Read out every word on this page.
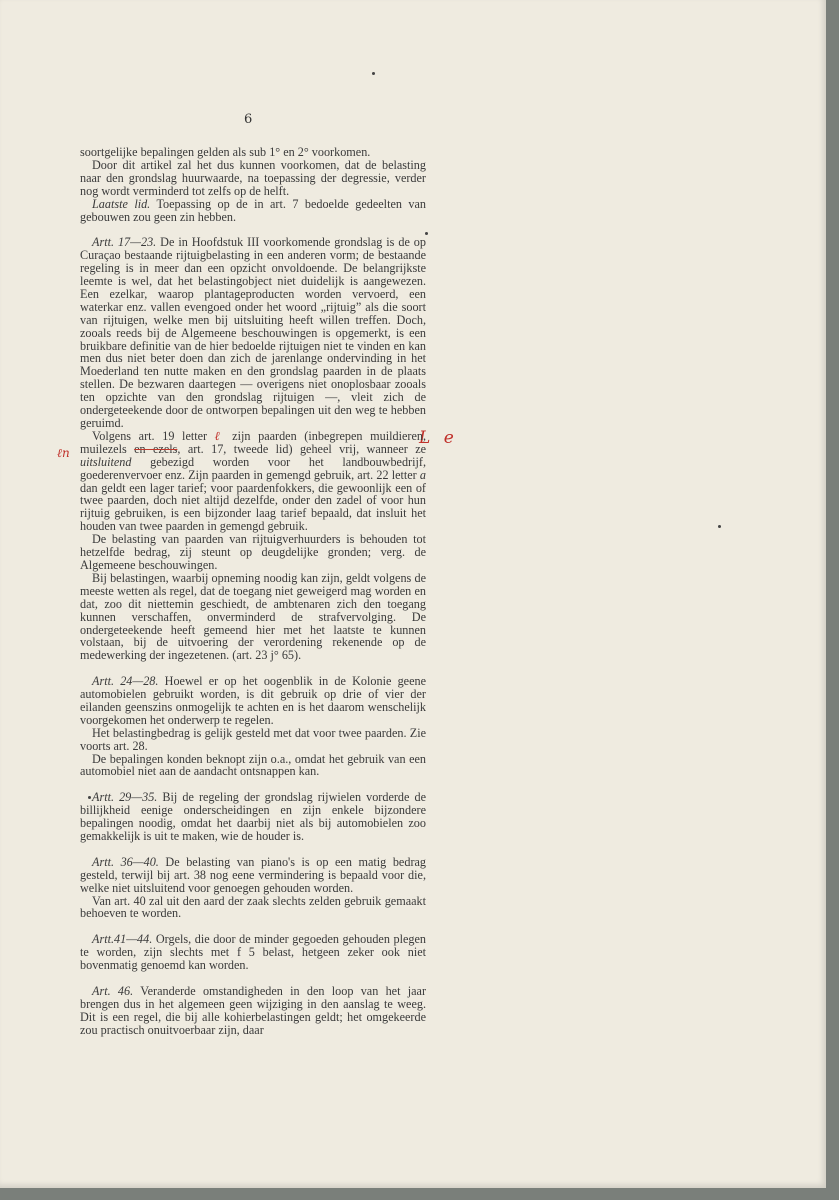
6
L e
ℓn

soortgelijke bepalingen gelden als sub 1° en 2° voorkomen.

Door dit artikel zal het dus kunnen voorkomen, dat de belasting naar den grondslag huurwaarde, na toepassing der degressie, verder nog wordt verminderd tot zelfs op de helft.

Laatste lid. Toepassing op de in art. 7 bedoelde gedeelten van gebouwen zou geen zin hebben.

Artt. 17—23. De in Hoofdstuk III voorkomende grondslag is de op Curaçao bestaande rijtuigbelasting in een anderen vorm; de bestaande regeling is in meer dan een opzicht onvoldoende. De belangrijkste leemte is wel, dat het belastingobject niet duidelijk is aangewezen. Een ezelkar, waarop plantageproducten worden vervoerd, een waterkar enz. vallen evengoed onder het woord „rijtuig” als die soort van rijtuigen, welke men bij uitsluiting heeft willen treffen. Doch, zooals reeds bij de Algemeene beschouwingen is opgemerkt, is een bruikbare definitie van de hier bedoelde rijtuigen niet te vinden en kan men dus niet beter doen dan zich de jarenlange ondervinding in het Moederland ten nutte maken en den grondslag paarden in de plaats stellen. De bezwaren daartegen — overigens niet onoplosbaar zooals ten opzichte van den grondslag rijtuigen —, vleit zich de ondergeteekende door de ontworpen bepalingen uit den weg te hebben geruimd.

Volgens art. 19 letter ℓ zijn paarden (inbegrepen muildieren, muilezels en ezels, art. 17, tweede lid) geheel vrij, wanneer ze uitsluitend gebezigd worden voor het landbouwbedrijf, goederenvervoer enz. Zijn paarden in gemengd gebruik, art. 22 letter a dan geldt een lager tarief; voor paardenfokkers, die gewoonlijk een of twee paarden, doch niet altijd dezelfde, onder den zadel of voor hun rijtuig gebruiken, is een bijzonder laag tarief bepaald, dat insluit het houden van twee paarden in gemengd gebruik.

De belasting van paarden van rijtuigverhuurders is behouden tot hetzelfde bedrag, zij steunt op deugdelijke gronden; verg. de Algemeene beschouwingen.

Bij belastingen, waarbij opneming noodig kan zijn, geldt volgens de meeste wetten als regel, dat de toegang niet geweigerd mag worden en dat, zoo dit niettemin geschiedt, de ambtenaren zich den toegang kunnen verschaffen, onverminderd de strafvervolging. De ondergeteekende heeft gemeend hier met het laatste te kunnen volstaan, bij de uitvoering der verordening rekenende op de medewerking der ingezetenen. (art. 23 j° 65).

Artt. 24—28. Hoewel er op het oogenblik in de Kolonie geene automobielen gebruikt worden, is dit gebruik op drie of vier der eilanden geenszins onmogelijk te achten en is het daarom wenschelijk voorgekomen het onderwerp te regelen.

Het belastingbedrag is gelijk gesteld met dat voor twee paarden. Zie voorts art. 28.

De bepalingen konden beknopt zijn o.a., omdat het gebruik van een automobiel niet aan de aandacht ontsnappen kan.

Artt. 29—35. Bij de regeling der grondslag rijwielen vorderde de billijkheid eenige onderscheidingen en zijn enkele bijzondere bepalingen noodig, omdat het daarbij niet als bij automobielen zoo gemakkelijk is uit te maken, wie de houder is.

Artt. 36—40. De belasting van piano's is op een matig bedrag gesteld, terwijl bij art. 38 nog eene vermindering is bepaald voor die, welke niet uitsluitend voor genoegen gehouden worden.

Van art. 40 zal uit den aard der zaak slechts zelden gebruik gemaakt behoeven te worden.

Artt.41—44. Orgels, die door de minder gegoeden gehouden plegen te worden, zijn slechts met f 5 belast, hetgeen zeker ook niet bovenmatig genoemd kan worden.

Art. 46. Veranderde omstandigheden in den loop van het jaar brengen dus in het algemeen geen wijziging in den aanslag te weeg. Dit is een regel, die bij alle kohierbelastingen geldt; het omgekeerde zou practisch onuitvoerbaar zijn, daar
